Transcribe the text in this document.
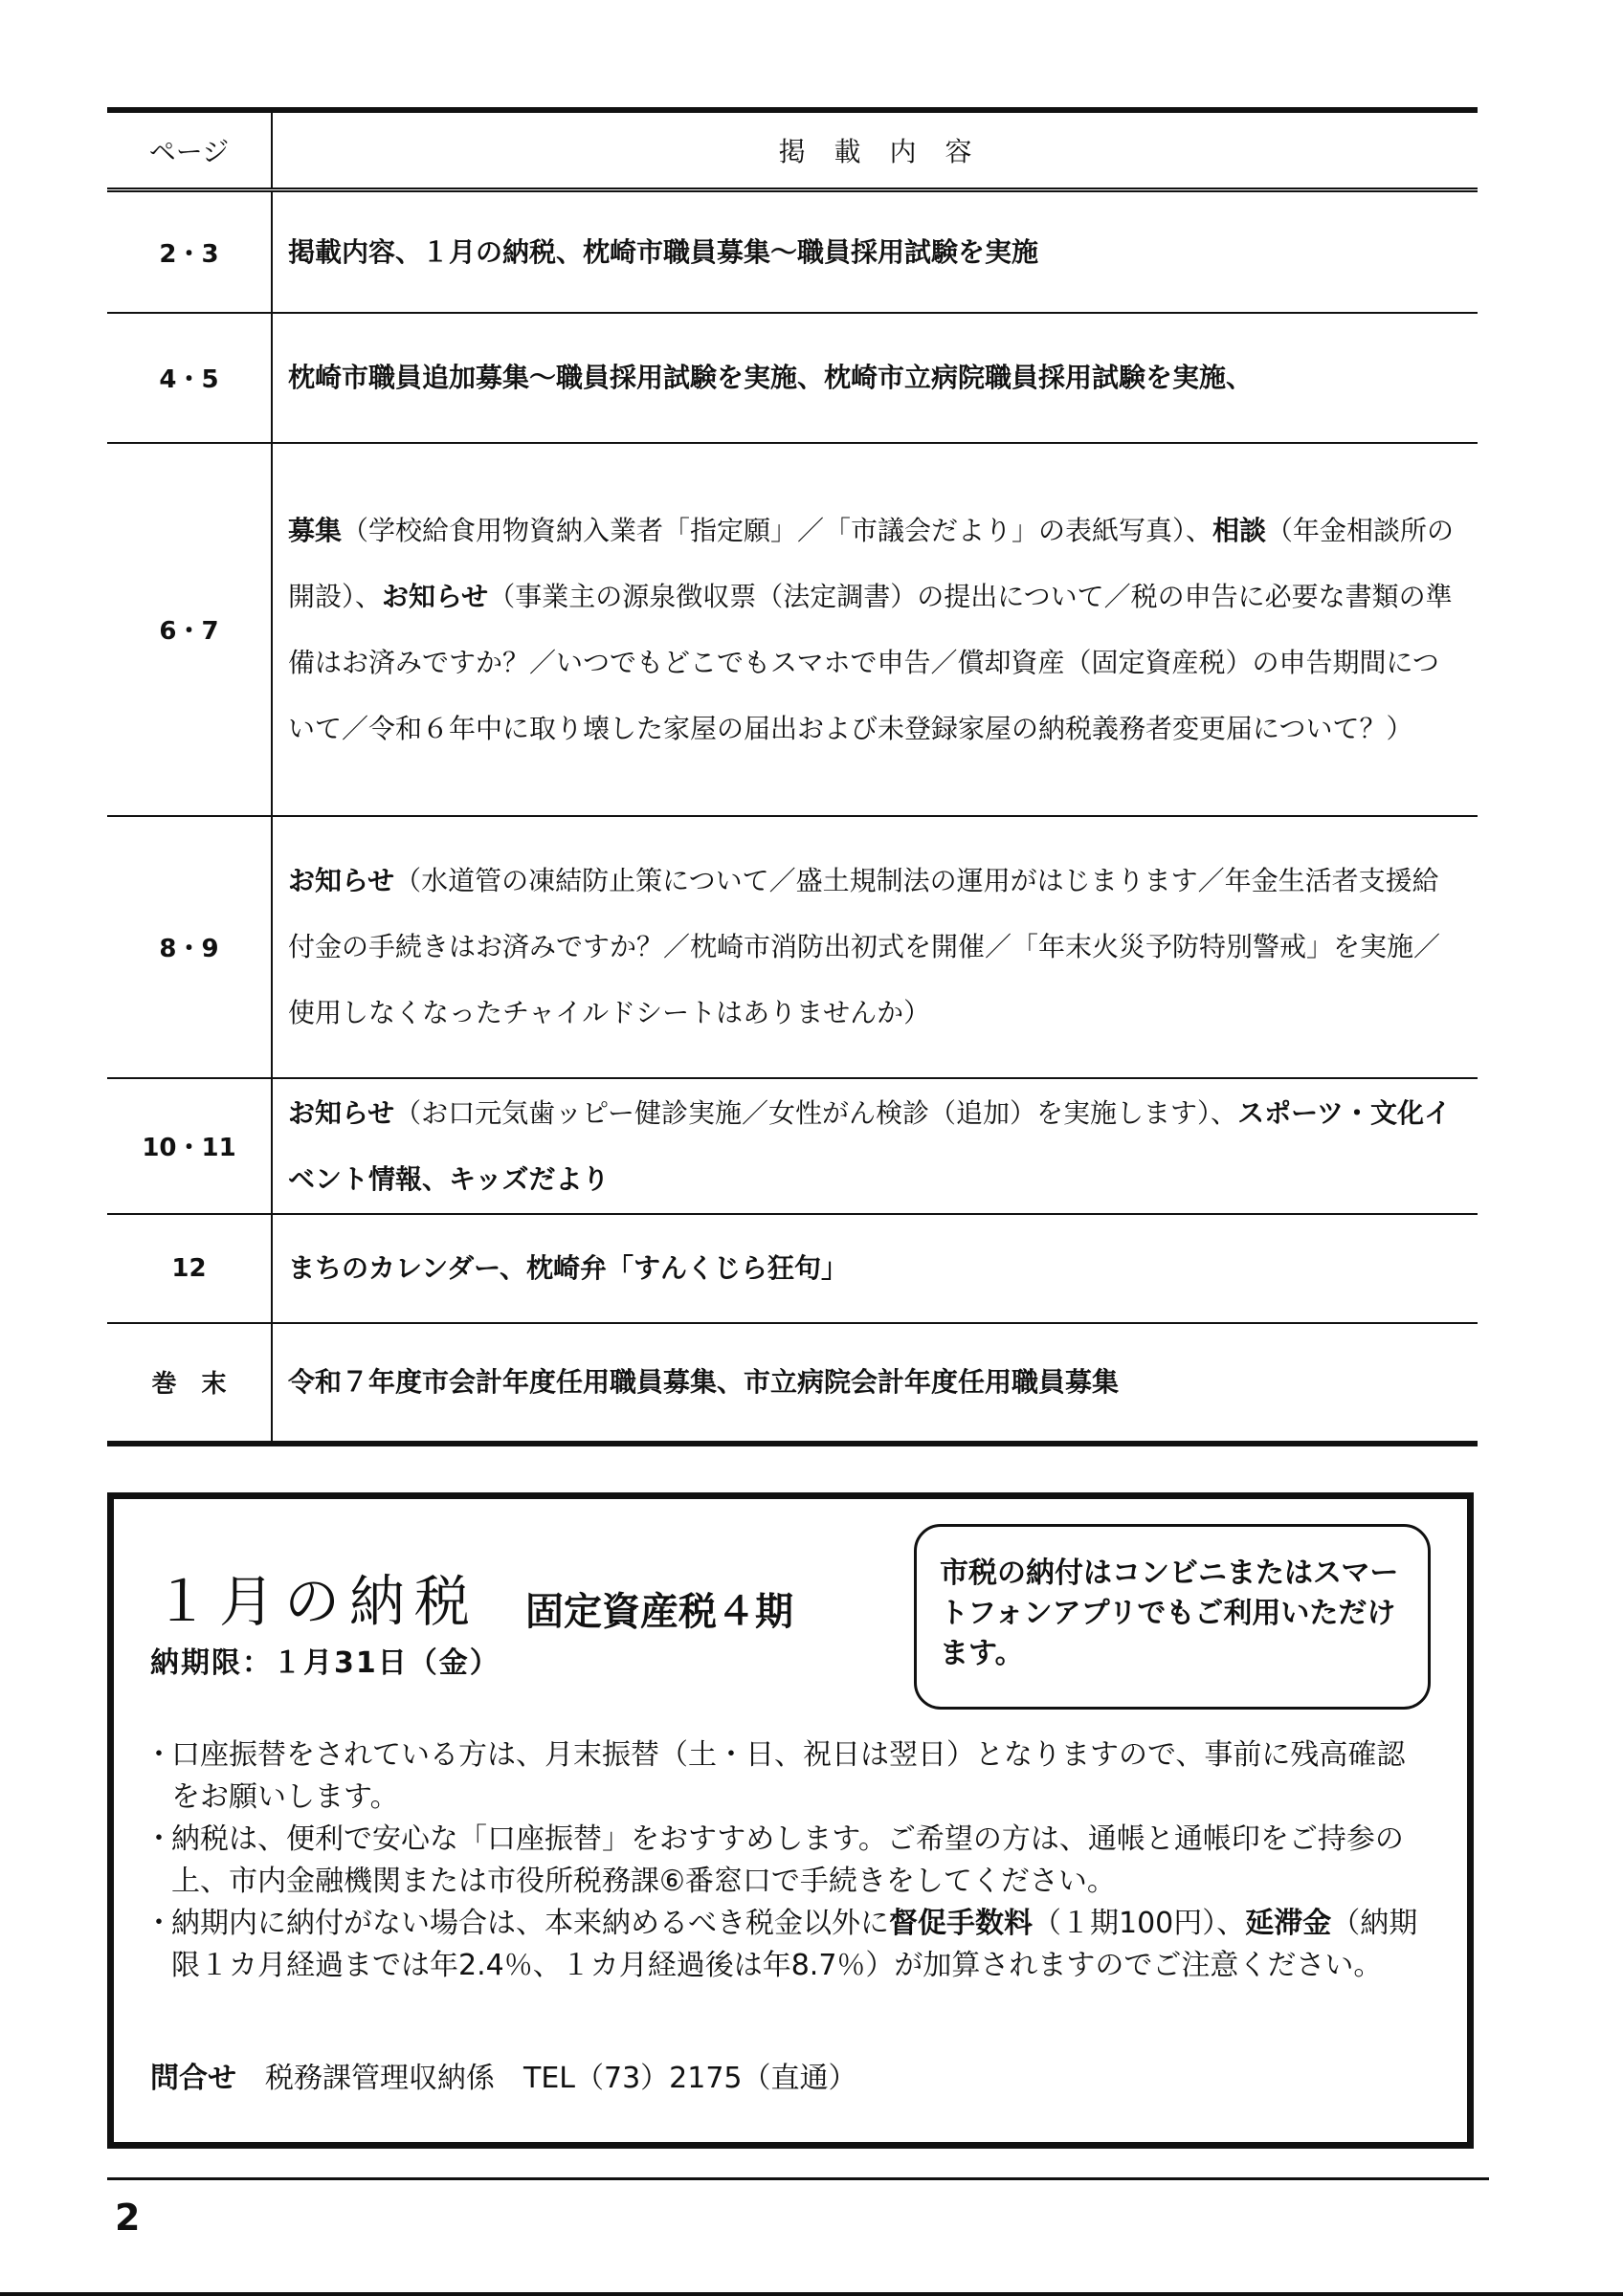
ページ	掲載内容
2・3	掲載内容、１月の納税、枕崎市職員募集～職員採用試験を実施
4・5	枕崎市職員追加募集～職員採用試験を実施、枕崎市立病院職員採用試験を実施、
6・7	募集（学校給食用物資納入業者「指定願」／「市議会だより」の表紙写真）、相談（年金相談所の開設）、お知らせ（事業主の源泉徴収票（法定調書）の提出について／税の申告に必要な書類の準備はお済みですか？／いつでもどこでもスマホで申告／償却資産（固定資産税）の申告期間について／令和６年中に取り壊した家屋の届出および未登録家屋の納税義務者変更届について？）
8・9	お知らせ（水道管の凍結防止策について／盛土規制法の運用がはじまります／年金生活者支援給付金の手続きはお済みですか？／枕崎市消防出初式を開催／「年末火災予防特別警戒」を実施／使用しなくなったチャイルドシートはありませんか）
10・11	お知らせ（お口元気歯ッピー健診実施／女性がん検診（追加）を実施します）、スポーツ・文化イベント情報、キッズだより
12	まちのカレンダー、枕崎弁「すんくじら狂句」
巻　末	令和７年度市会計年度任用職員募集、市立病院会計年度任用職員募集
１月の納税 固定資産税４期
納期限：１月31日（金）
市税の納付はコンビニまたはスマートフォンアプリでもご利用いただけます。
・ 口座振替をされている方は、月末振替（土・日、祝日は翌日）となりますので、事前に残高確認をお願いします。
・ 納税は、便利で安心な「口座振替」をおすすめします。ご希望の方は、通帳と通帳印をご持参の上、市内金融機関または市役所税務課⑥番窓口で手続きをしてください。
・ 納期内に納付がない場合は、本来納めるべき税金以外に督促手数料（１期100円）、延滞金（納期限１カ月経過までは年2.4％、１カ月経過後は年8.7％）が加算されますのでご注意ください。
問合せ 税務課管理収納係 TEL（73）2175（直通）
2
